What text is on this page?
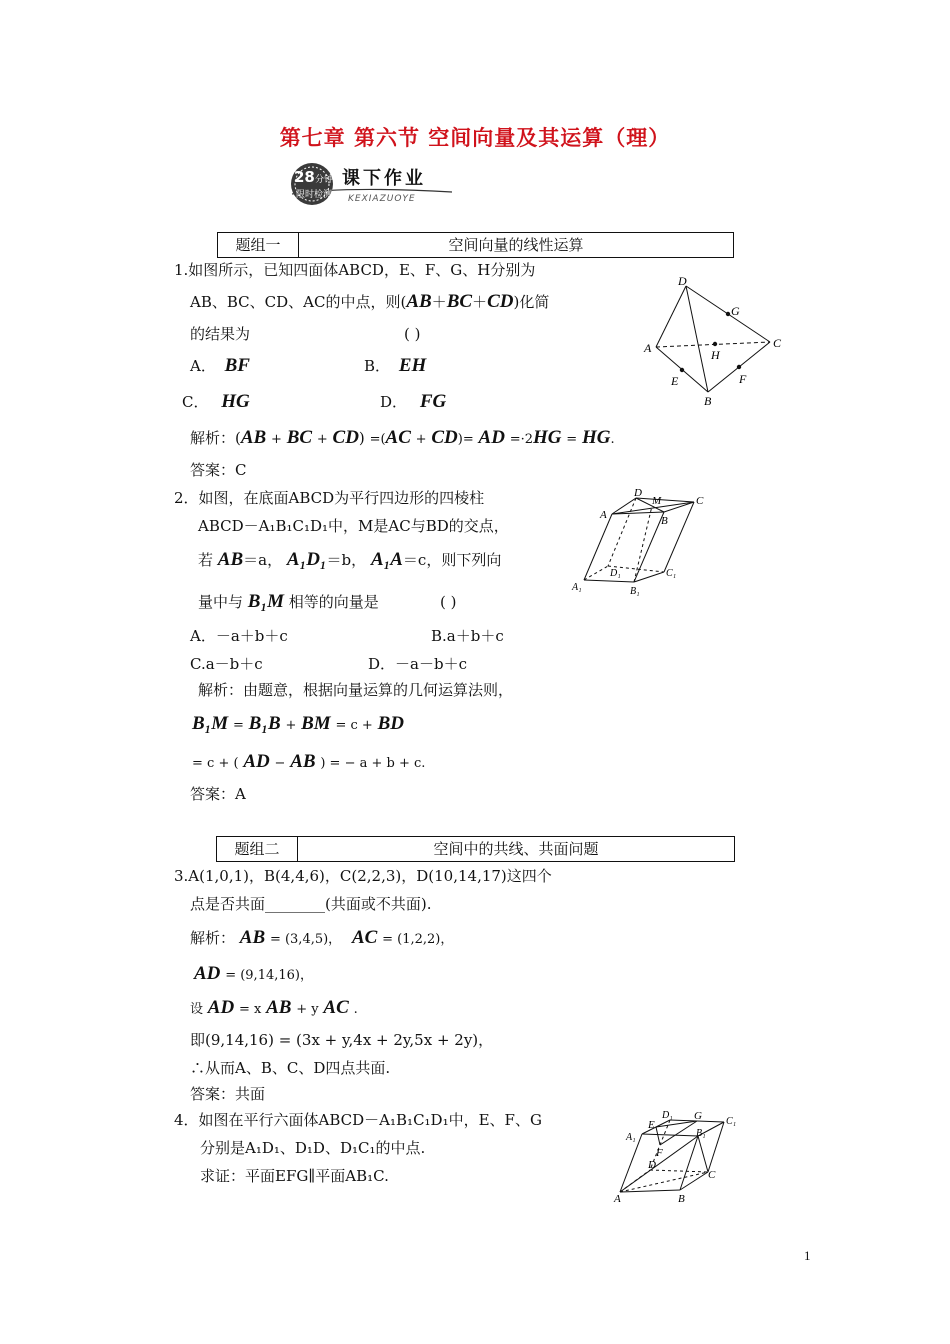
第七章 第六节 空间向量及其运算（理）
28 分钟
限时检测
课下作业
KEXIAZUOYE
题组一	空间向量的线性运算
1.如图所示，已知四面体ABCD，E、F、G、H分别为
AB、BC、CD、AC的中点，则(AB＋BC＋CD)化简
的结果为	( )
A． BF	B． EH
C． HG	D． FG
解析：(AB + BC + CD) =(AC + CD)= AD =·2HG = HG.
答案：C
D
G
A	H
C
E	F
B
2．如图，在底面ABCD为平行四边形的四棱柱
ABCD－A₁B₁C₁D₁中，M是AC与BD的交点，
若 AB＝a， A₁D₁＝b， A₁A＝c，则下列向
量中与 B₁M 相等的向量是	( )
A．－a＋b＋c	B.a＋b＋c
C.a－b＋c	D．－a－b＋c
解析：由题意，根据向量运算的几何运算法则，
B₁M = B₁B + BM = c + BD
= c + ( AD − AB ) = − a + b + c.
答案：A
D
M	C
A	B
D₁	C₁
A₁	B₁
题组二	空间中的共线、共面问题
3.A(1,0,1)，B(4,4,6)，C(2,2,3)，D(10,14,17)这四个
点是否共面________(共面或不共面).
解析： AB = (3,4,5)， AC = (1,2,2)，
AD = (9,14,16)，
设 AD = x AB + y AC .
即(9,14,16) = (3x + y,4x + 2y,5x + 2y)，
∴从而A、B、C、D四点共面.
答案：共面
4．如图在平行六面体ABCD－A₁B₁C₁D₁中，E、F、G
分别是A₁D₁、D₁D、D₁C₁的中点.
求证：平面EFG∥平面AB₁C.
E
D₁ G C₁
A₁	B₁
F
D
C
A	B
1
